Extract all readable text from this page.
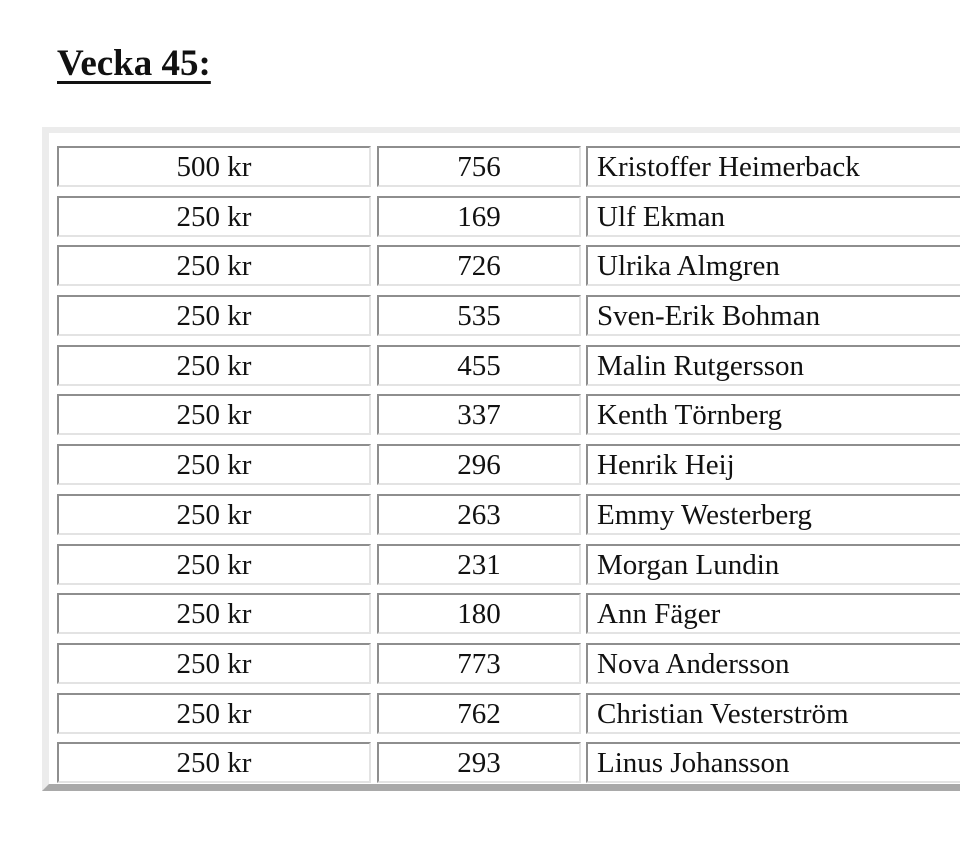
Vecka 45:
500 kr	756	Kristoffer Heimerback
250 kr	169	Ulf Ekman
250 kr	726	Ulrika Almgren
250 kr	535	Sven-Erik Bohman
250 kr	455	Malin Rutgersson
250 kr	337	Kenth Törnberg
250 kr	296	Henrik Heij
250 kr	263	Emmy Westerberg
250 kr	231	Morgan Lundin
250 kr	180	Ann Fäger
250 kr	773	Nova Andersson
250 kr	762	Christian Vesterström
250 kr	293	Linus Johansson
